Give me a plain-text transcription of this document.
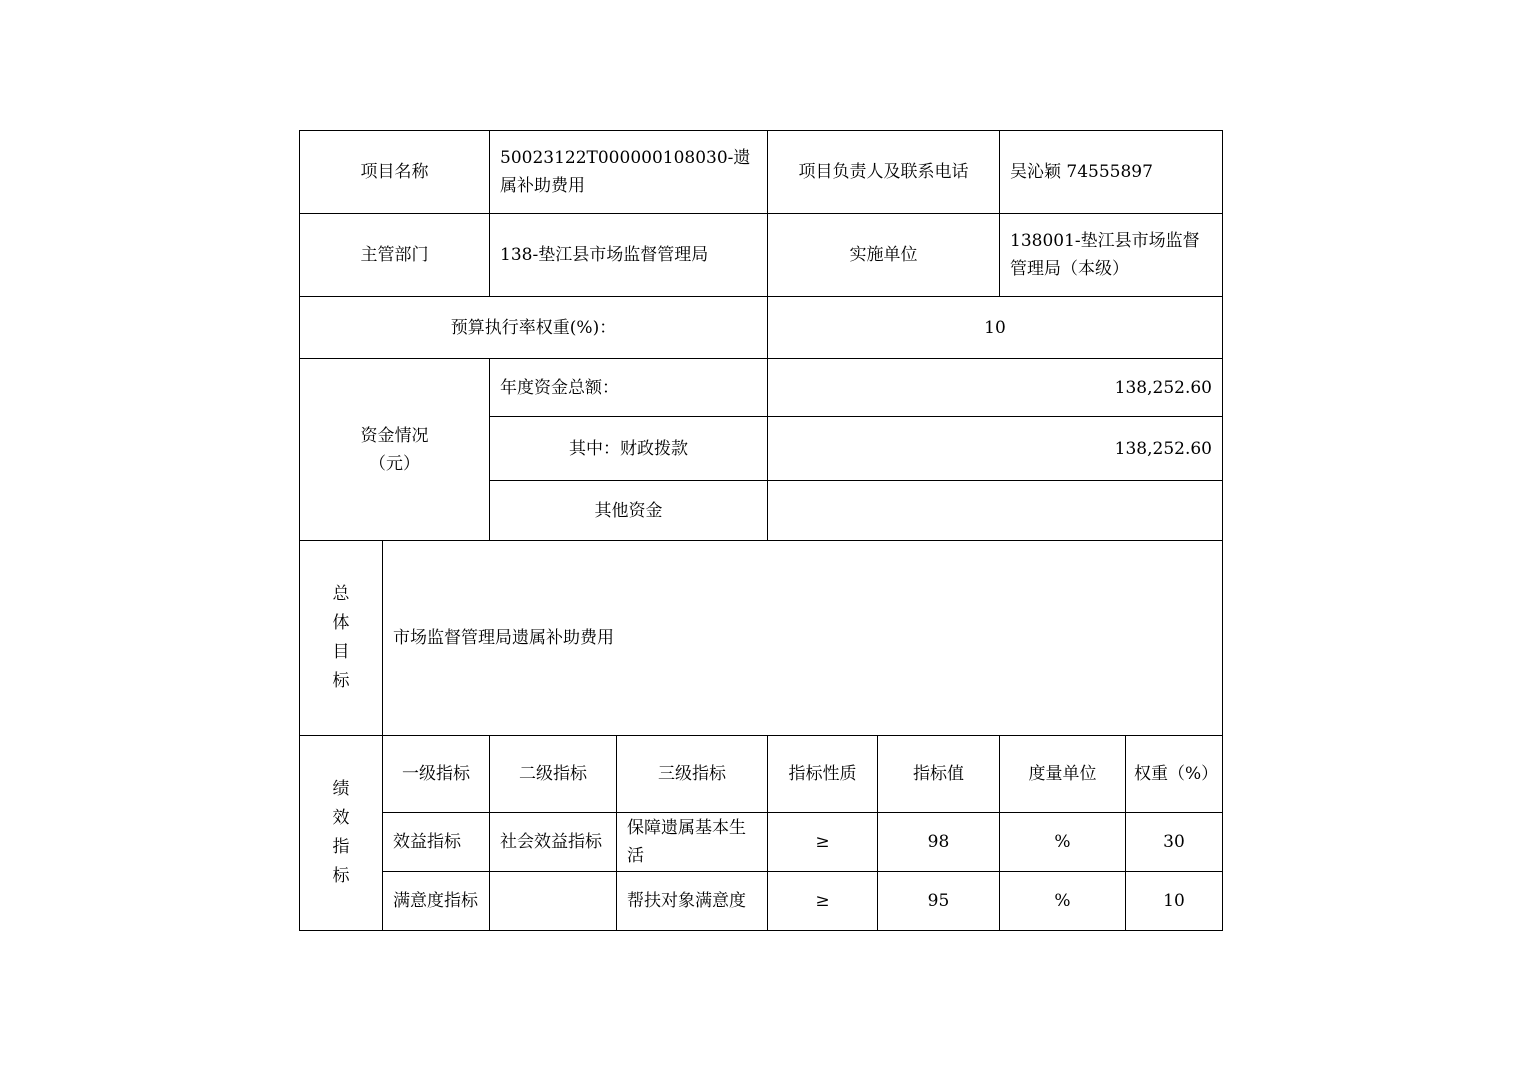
项目名称		50023122T000000108030-遗属补助费用		项目负责人及联系电话		吴沁颖 74555897	
主管部门		138-垫江县市场监督管理局		实施单位		138001-垫江县市场监督管理局（本级）	
预算执行率权重(%)：				10			

资金情况
（元）		年度资金总额：		138,252.60			
		其中：财政拨款		138,252.60			
		其他资金					

总
体
目
标	市场监督管理局遗属补助费用						

绩
效
指
标	一级指标	二级指标	三级指标	指标性质	指标值	度量单位	权重（%）
	效益指标	社会效益指标	保障遗属基本生活	≥	98	%	30
	满意度指标		帮扶对象满意度	≥	95	%	10
